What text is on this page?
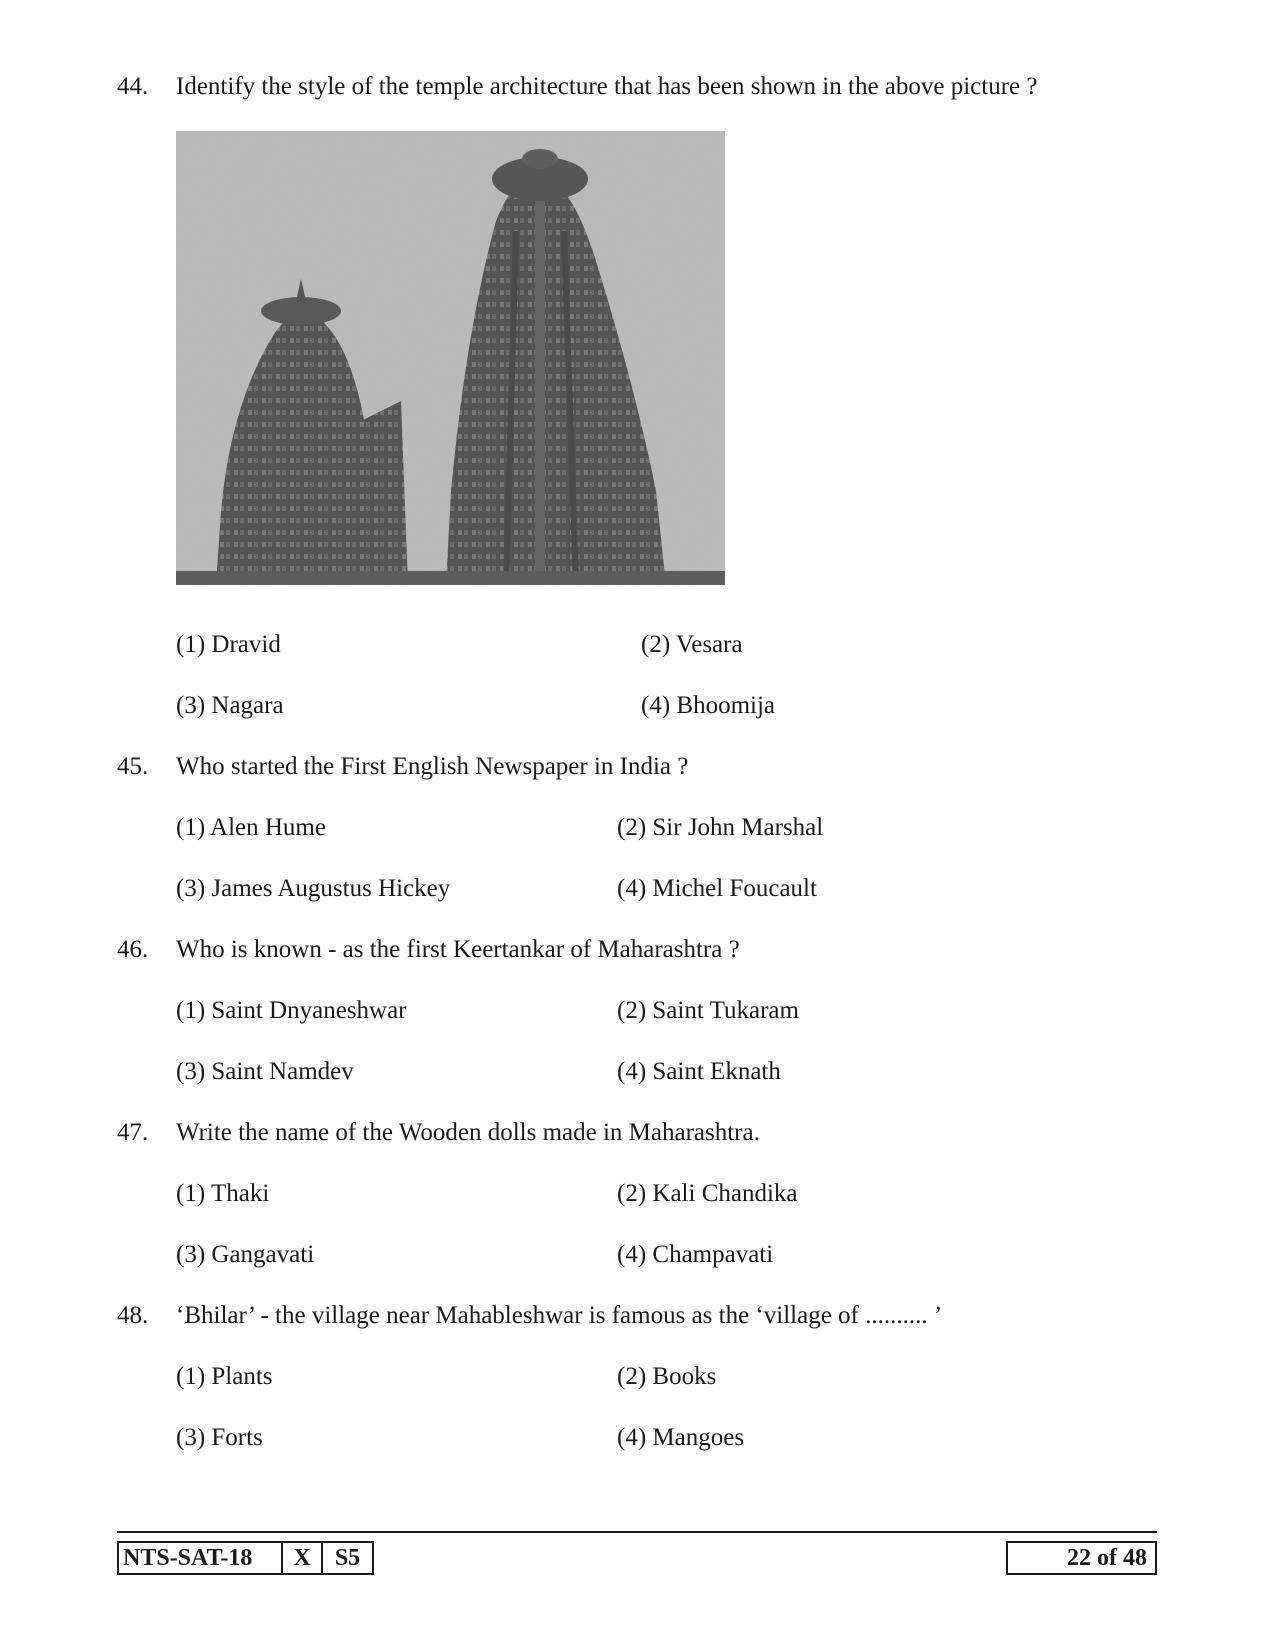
44. Identify the style of the temple architecture that has been shown in the above picture ?
(1) Dravid	(2) Vesara
(3) Nagara	(4) Bhoomija
45. Who started the First English Newspaper in India ?
(1) Alen Hume	(2) Sir John Marshal
(3) James Augustus Hickey	(4) Michel Foucault
46. Who is known - as the first Keertankar of Maharashtra ?
(1) Saint Dnyaneshwar	(2) Saint Tukaram
(3) Saint Namdev	(4) Saint Eknath
47. Write the name of the Wooden dolls made in Maharashtra.
(1) Thaki	(2) Kali Chandika
(3) Gangavati	(4) Champavati
48. ‘Bhilar’ - the village near Mahableshwar is famous as the ‘village of .......... ’
(1) Plants	(2) Books
(3) Forts	(4) Mangoes
NTS-SAT-18	X	S5	22 of 48
